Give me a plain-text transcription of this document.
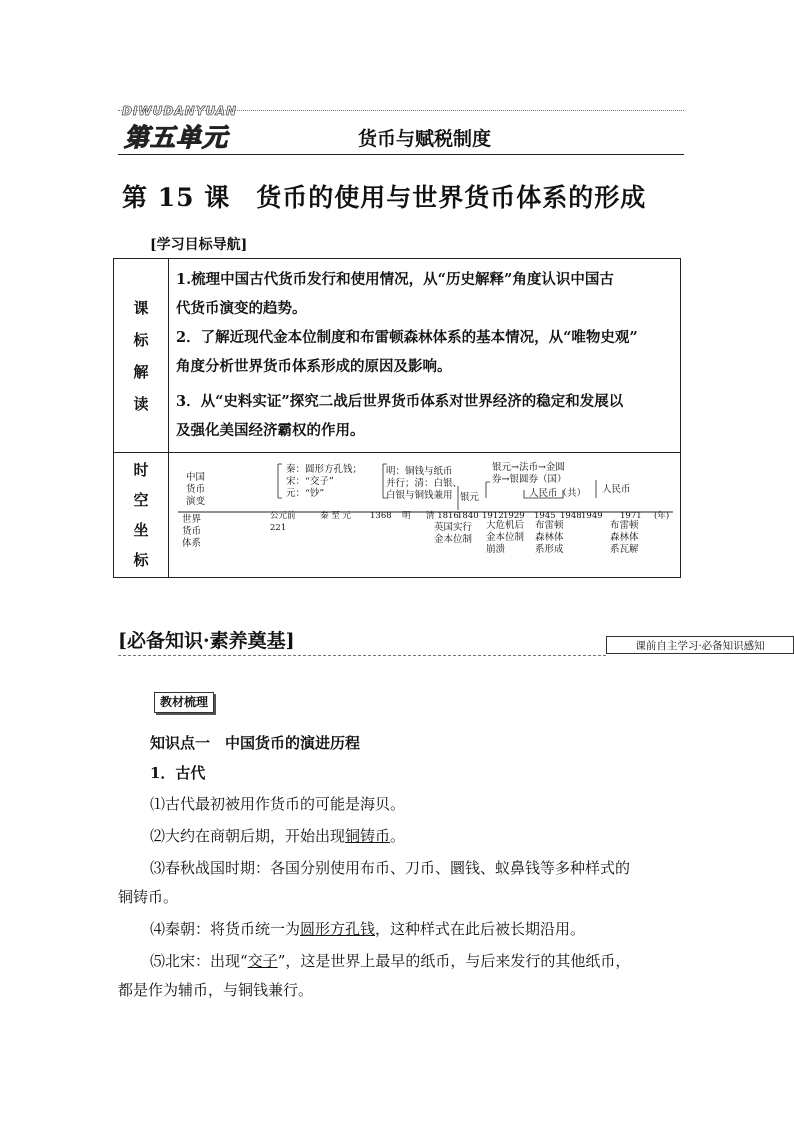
DIWUDANYUAN
第五单元	货币与赋税制度
第 15 课　货币的使用与世界货币体系的形成
[学习目标导航]
课
标
解
读
1.梳理中国古代货币发行和使用情况，从“历史解释”角度认识中国古
代货币演变的趋势。
2．了解近现代金本位制度和布雷顿森林体系的基本情况，从“唯物史观”
角度分析世界货币体系形成的原因及影响。
3．从“史料实证”探究二战后世界货币体系对世界经济的稳定和发展以
及强化美国经济霸权的作用。
时
空
坐
标
中国
货币
演变
世界
货币
体系
秦：圆形方孔钱；
宋：“交子”
元：“钞”
明：铜钱与纸币
并行；清：白银、
白银与铜钱兼用 银元
银元→法币→金圆
券→银圆券（国）
人民币（共） 人民币
公元前
221
秦 至 元 1368 明 清 1816
1840 1912 1929 1945 1948 1949 1971 (年)
英国实行
金本位制
大危机后
金本位制
崩溃
布雷顿
森林体
系形成
布雷顿
森林体
系瓦解
[必备知识·素养奠基]	课前自主学习·必备知识感知
教材梳理
知识点一　中国货币的演进历程
1．古代
⑴古代最初被用作货币的可能是海贝。
⑵大约在商朝后期，开始出现铜铸币。
⑶春秋战国时期：各国分别使用布币、刀币、圜钱、蚁鼻钱等多种样式的
铜铸币。
⑷秦朝：将货币统一为圆形方孔钱，这种样式在此后被长期沿用。
⑸北宋：出现“交子”，这是世界上最早的纸币，与后来发行的其他纸币，
都是作为辅币，与铜钱兼行。
